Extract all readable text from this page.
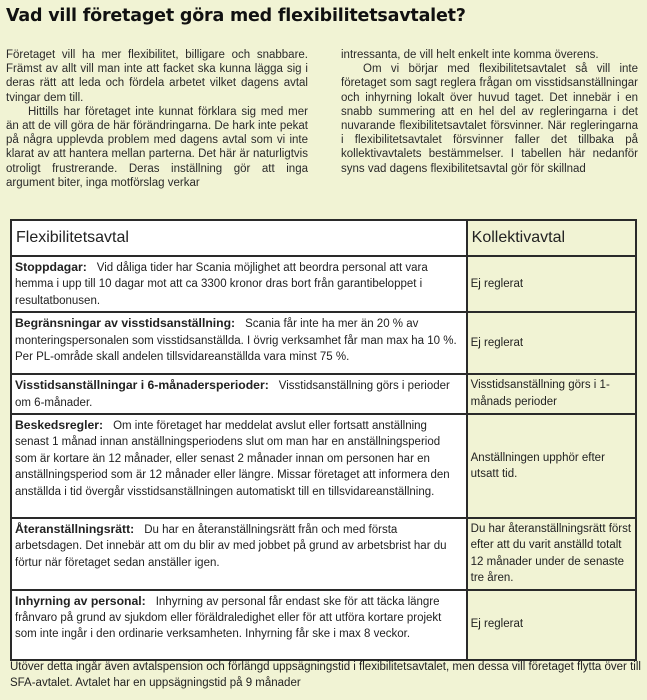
Vad vill företaget göra med flexibilitetsavtalet?

Företaget vill ha mer flexibilitet, billigare och snabbare. Främst av allt vill man inte att facket ska kunna lägga sig i deras rätt att leda och fördela arbetet vilket dagens avtal tvingar dem till.

Hittills har företaget inte kunnat förklara sig med mer än att de vill göra de här förändringarna. De hark inte pekat på några upplevda problem med dagens avtal som vi inte klarat av att hantera mellan parterna. Det här är naturligtvis otroligt frustrerande. Deras inställning gör att inga argument biter, inga motförslag verkar

intressanta, de vill helt enkelt inte komma överens.

Om vi börjar med flexibilitetsavtalet så vill inte företaget som sagt reglera frågan om visstidsanställningar och inhyrning lokalt över huvud taget. Det innebär i en snabb summering att en hel del av regleringarna i det nuvarande flexibilitetsavtalet försvinner. När regleringarna i flexibilitetsavtalet försvinner faller det tillbaka på kollektivavtalets bestämmelser. I tabellen här nedanför syns vad dagens flexibilitetsavtal gör för skillnad

Flexibilitetsavtal	Kollektivavtal
Stoppdagar: Vid dåliga tider har Scania möjlighet att beordra personal att vara hemma i upp till 10 dagar mot att ca 3300 kronor dras bort från garantibeloppet i resultatbonusen.	Ej reglerat
Begränsningar av visstidsanställning: Scania får inte ha mer än 20 % av monteringspersonalen som visstidsanställda. I övrig verksamhet får man max ha 10 %. Per PL-område skall andelen tillsvidareanställda vara minst 75 %.	Ej reglerat
Visstidsanställningar i 6-månadersperioder: Visstidsanställning görs i perioder om 6-månader.	Visstidsanställning görs i 1-månads perioder
Beskedsregler: Om inte företaget har meddelat avslut eller fortsatt anställning senast 1 månad innan anställningsperiodens slut om man har en anställningsperiod som är kortare än 12 månader, eller senast 2 månader innan om personen har en anställningsperiod som är 12 månader eller längre. Missar företaget att informera den anställda i tid övergår visstidsanställningen automatiskt till en tillsvidareanställning.	Anställningen upphör efter utsatt tid.
Återanställningsrätt: Du har en återanställningsrätt från och med första arbetsdagen. Det innebär att om du blir av med jobbet på grund av arbetsbrist har du förtur när företaget sedan anställer igen.	Du har återanställningsrätt först efter att du varit anställd totalt 12 månader under de senaste tre åren.
Inhyrning av personal: Inhyrning av personal får endast ske för att täcka längre frånvaro på grund av sjukdom eller föräldraledighet eller för att utföra kortare projekt som inte ingår i den ordinarie verksamheten. Inhyrning får ske i max 8 veckor.	Ej reglerat
Utöver detta ingår även avtalspension och förlängd uppsägningstid i flexibilitetsavtalet, men dessa vill företaget flytta över till SFA-avtalet. Avtalet har en uppsägningstid på 9 månader
